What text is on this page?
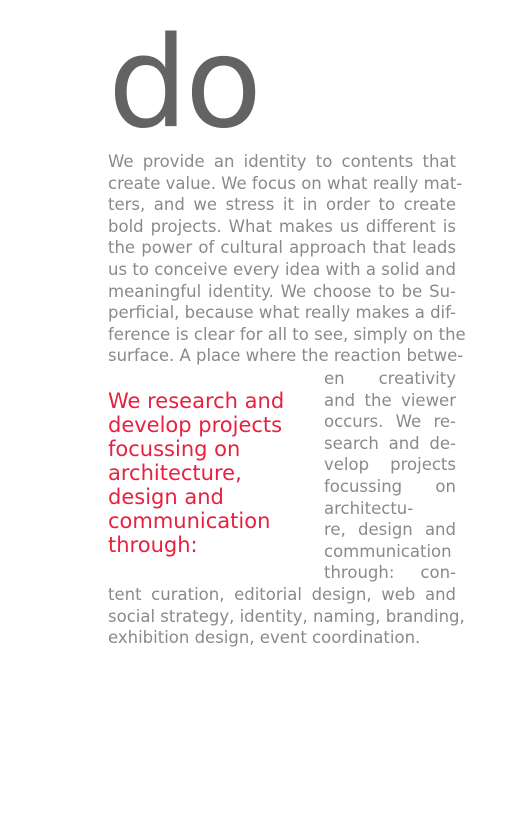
do
We provide an identity to contents that
create value. We focus on what really mat-
ters, and we stress it in order to create
bold projects. What makes us different is
the power of cultural approach that leads
us to conceive every idea with a solid and
meaningful identity. We choose to be Su-
perficial, because what really makes a dif-
ference is clear for all to see, simply on the
surface. A place where the reaction betwe-
en creativity
and the viewer
occurs. We re-
search and de-
velop projects
focussing on
architectu-
re, design and
communication
through: con-
We research and
develop projects
focussing on
architecture,
design and
communication
through:
tent curation, editorial design, web and
social strategy, identity, naming, branding,
exhibition design, event coordination.
